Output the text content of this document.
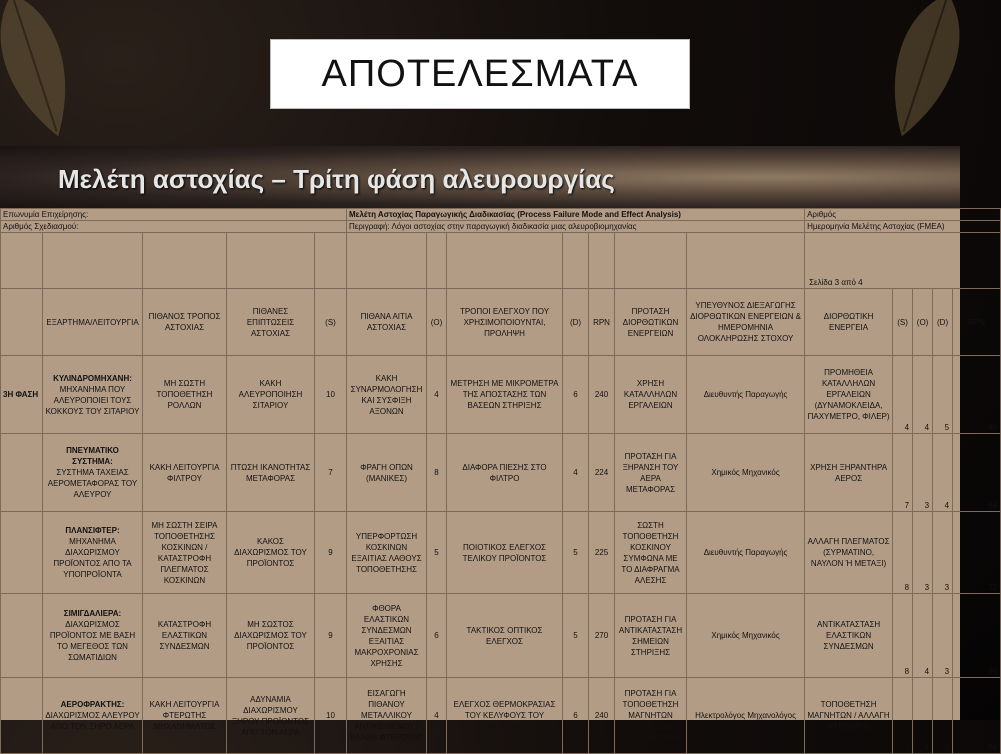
ΑΠΟΤΕΛΕΣΜΑΤΑ
Μελέτη αστοχίας – Τρίτη φάση αλευρουργίας
Επωνυμία Επιχείρησης:					Μελέτη Αστοχίας Παραγωγικής Διαδικασίας (Process Failure Mode and Effect Analysis)							Αριθμός				
Αριθμός Σχεδιασμού:					Περιγραφή: Λόγοι αστοχίας στην παραγωγική διαδικασία μιας αλευροβιομηχανίας							Ημερομηνία Μελέτης Αστοχίας (FMEA)				
												Σελίδα 3 από 4				
	ΕΞΑΡΤΗΜΑ/ΛΕΙΤΟΥΡΓΙΑ	ΠΙΘΑΝΟΣ ΤΡΟΠΟΣ ΑΣΤΟΧΙΑΣ	ΠΙΘΑΝΕΣ ΕΠΙΠΤΩΣΕΙΣ ΑΣΤΟΧΙΑΣ	(S)	ΠΙΘΑΝΑ ΑΙΤΙΑ ΑΣΤΟΧΙΑΣ	(O)	ΤΡΟΠΟΙ ΕΛΕΓΧΟΥ ΠΟΥ ΧΡΗΣΙΜΟΠΟΙΟΥΝΤΑΙ, ΠΡΟΛΗΨΗ	(D)	RPN	ΠΡΟΤΑΣΗ ΔΙΟΡΘΩΤΙΚΩΝ ΕΝΕΡΓΕΙΩΝ	ΥΠΕΥΘΥΝΟΣ ΔΙΕΞΑΓΩΓΗΣ ΔΙΟΡΘΩΤΙΚΩΝ ΕΝΕΡΓΕΙΩΝ & ΗΜΕΡΟΜΗΝΙΑ ΟΛΟΚΛΗΡΩΣΗΣ ΣΤΟΧΟΥ	ΔΙΟΡΘΩΤΙΚΗ ΕΝΕΡΓΕΙΑ	(S)	(O)	(D)	RPN
3Η ΦΑΣΗ	ΚΥΛΙΝΔΡΟΜΗΧΑΝΗ:
ΜΗΧΑΝΗΜΑ ΠΟΥ ΑΛΕΥΡΟΠΟΙΕΙ ΤΟΥΣ ΚΟΚΚΟΥΣ ΤΟΥ ΣΙΤΑΡΙΟΥ	ΜΗ ΣΩΣΤΗ ΤΟΠΟΘΕΤΗΣΗ ΡΟΛΛΩΝ	ΚΑΚΗ ΑΛΕΥΡΟΠΟΙΗΣΗ ΣΙΤΑΡΙΟΥ	10	ΚΑΚΗ ΣΥΝΑΡΜΟΛΟΓΗΣΗ ΚΑΙ ΣΥΣΦΙΞΗ ΑΞΟΝΩΝ	4	ΜΕΤΡΗΣΗ ΜΕ ΜΙΚΡΟΜΕΤΡΑ ΤΗΣ ΑΠΟΣΤΑΣΗΣ ΤΩΝ ΒΑΣΕΩΝ ΣΤΗΡΙΞΗΣ	6	240	ΧΡΗΣΗ ΚΑΤΑΛΛΗΛΩΝ ΕΡΓΑΛΕΙΩΝ	Διευθυντής Παραγωγής	ΠΡΟΜΗΘΕΙΑ ΚΑΤΑΛΛΗΛΩΝ ΕΡΓΑΛΕΙΩΝ (ΔΥΝΑΜΟΚΛΕΙΔΑ, ΠΑΧΥΜΕΤΡΟ, ΦΙΛΕΡ)	4	4	5	80

	ΠΝΕΥΜΑΤΙΚΟ ΣΥΣΤΗΜΑ:
ΣΥΣΤΗΜΑ ΤΑΧΕΙΑΣ ΑΕΡΟΜΕΤΑΦΟΡΑΣ ΤΟΥ ΑΛΕΥΡΟΥ	ΚΑΚΗ ΛΕΙΤΟΥΡΓΙΑ ΦΙΛΤΡΟΥ	ΠΤΩΣΗ ΙΚΑΝΟΤΗΤΑΣ ΜΕΤΑΦΟΡΑΣ	7	ΦΡΑΓΗ ΟΠΩΝ (ΜΑΝΙΚΕΣ)	8	ΔΙΑΦΟΡΑ ΠΙΕΣΗΣ ΣΤΟ ΦΙΛΤΡΟ	4	224	ΠΡΟΤΑΣΗ ΓΙΑ ΞΗΡΑΝΣΗ ΤΟΥ ΑΕΡΑ ΜΕΤΑΦΟΡΑΣ	Χημικός Μηχανικός	ΧΡΗΣΗ ΞΗΡΑΝΤΗΡΑ ΑΕΡΟΣ	7	3	4	84

	ΠΛΑΝΣΙΦΤΕΡ:
ΜΗΧΑΝΗΜΑ ΔΙΑΧΩΡΙΣΜΟΥ ΠΡΟΪΟΝΤΟΣ ΑΠΟ ΤΑ ΥΠΟΠΡΟΪΟΝΤΑ	ΜΗ ΣΩΣΤΗ ΣΕΙΡΑ ΤΟΠΟΘΕΤΗΣΗΣ ΚΟΣΚΙΝΩΝ / ΚΑΤΑΣΤΡΟΦΗ ΠΛΕΓΜΑΤΟΣ ΚΟΣΚΙΝΩΝ	ΚΑΚΟΣ ΔΙΑΧΩΡΙΣΜΟΣ ΤΟΥ ΠΡΟΪΟΝΤΟΣ	9	ΥΠΕΡΦΟΡΤΩΣΗ ΚΟΣΚΙΝΩΝ ΕΞΑΙΤΙΑΣ ΛΑΘΟΥΣ ΤΟΠΟΘΕΤΗΣΗΣ	5	ΠΟΙΟΤΙΚΟΣ ΕΛΕΓΧΟΣ ΤΕΛΙΚΟΥ ΠΡΟΪΟΝΤΟΣ	5	225	ΣΩΣΤΗ ΤΟΠΟΘΕΤΗΣΗ ΚΟΣΚΙΝΟΥ ΣΥΜΦΩΝΑ ΜΕ ΤΟ ΔΙΑΦΡΑΓΜΑ ΑΛΕΣΗΣ	Διευθυντής Παραγωγής	ΑΛΛΑΓΗ ΠΛΕΓΜΑΤΟΣ (ΣΥΡΜΑΤΙΝΟ, ΝΑΥΛΟΝ Ή ΜΕΤΑΞΙ)	8	3	3	72

	ΣΙΜΙΓΔΑΛΙΕΡΑ:
ΔΙΑΧΩΡΙΣΜΟΣ ΠΡΟΪΟΝΤΟΣ ΜΕ ΒΑΣΗ ΤΟ ΜΕΓΕΘΟΣ ΤΩΝ ΣΩΜΑΤΙΔΙΩΝ	ΚΑΤΑΣΤΡΟΦΗ ΕΛΑΣΤΙΚΩΝ ΣΥΝΔΕΣΜΩΝ	ΜΗ ΣΩΣΤΟΣ ΔΙΑΧΩΡΙΣΜΟΣ ΤΟΥ ΠΡΟΪΟΝΤΟΣ	9	ΦΘΟΡΑ ΕΛΑΣΤΙΚΩΝ ΣΥΝΔΕΣΜΩΝ ΕΞΑΙΤΙΑΣ ΜΑΚΡΟΧΡΟΝΙΑΣ ΧΡΗΣΗΣ	6	ΤΑΚΤΙΚΟΣ ΟΠΤΙΚΟΣ ΕΛΕΓΧΟΣ	5	270	ΠΡΟΤΑΣΗ ΓΙΑ ΑΝΤΙΚΑΤΑΣΤΑΣΗ ΣΗΜΕΙΩΝ ΣΤΗΡΙΞΗΣ	Χημικός Μηχανικός	ΑΝΤΙΚΑΤΑΣΤΑΣΗ ΕΛΑΣΤΙΚΩΝ ΣΥΝΔΕΣΜΩΝ	8	4	3	96

	ΑΕΡΟΦΡΑΚΤΗΣ:
ΔΙΑΧΩΡΙΣΜΟΣ ΑΛΕΥΡΟΥ ΑΠΟ ΤΟΝ ΞΗΡΟ ΑΕΡΑ	ΚΑΚΗ ΛΕΙΤΟΥΡΓΙΑ ΦΤΕΡΩΤΗΣ ΜΗΧΑΝΗΜΑΤΟΣ	ΑΔΥΝΑΜΙΑ ΔΙΑΧΩΡΙΣΜΟΥ ΞΗΡΟΥ ΠΡΟΪΟΝΤΟΣ ΑΠΟ ΤΟΝ ΑΕΡΑ	10	ΕΙΣΑΓΩΓΗ ΠΙΘΑΝΟΥ ΜΕΤΑΛΛΙΚΟΥ ΑΝΤΙΚΕΙΜΕΝΟΥ / ΒΛΑΒΗ ΦΤΕΡΩΤΗΣ	4	ΕΛΕΓΧΟΣ ΘΕΡΜΟΚΡΑΣΙΑΣ ΤΟΥ ΚΕΛΥΦΟΥΣ ΤΟΥ ΑΕΡΟΦΡΑΚΤΗ	6	240	ΠΡΟΤΑΣΗ ΓΙΑ ΤΟΠΟΘΕΤΗΣΗ ΜΑΓΝΗΤΩΝ ΣΤΗΝ ΕΙΣΟΔΟ ΤΗΣ ΦΤΕΡΩΤΗΣ	Ηλεκτρολόγος Μηχανολόγος	ΤΟΠΟΘΕΤΗΣΗ ΜΑΓΝΗΤΩΝ / ΑΛΛΑΓΗ ΦΤΕΡΩΤΗΣ	7	4	3	84
